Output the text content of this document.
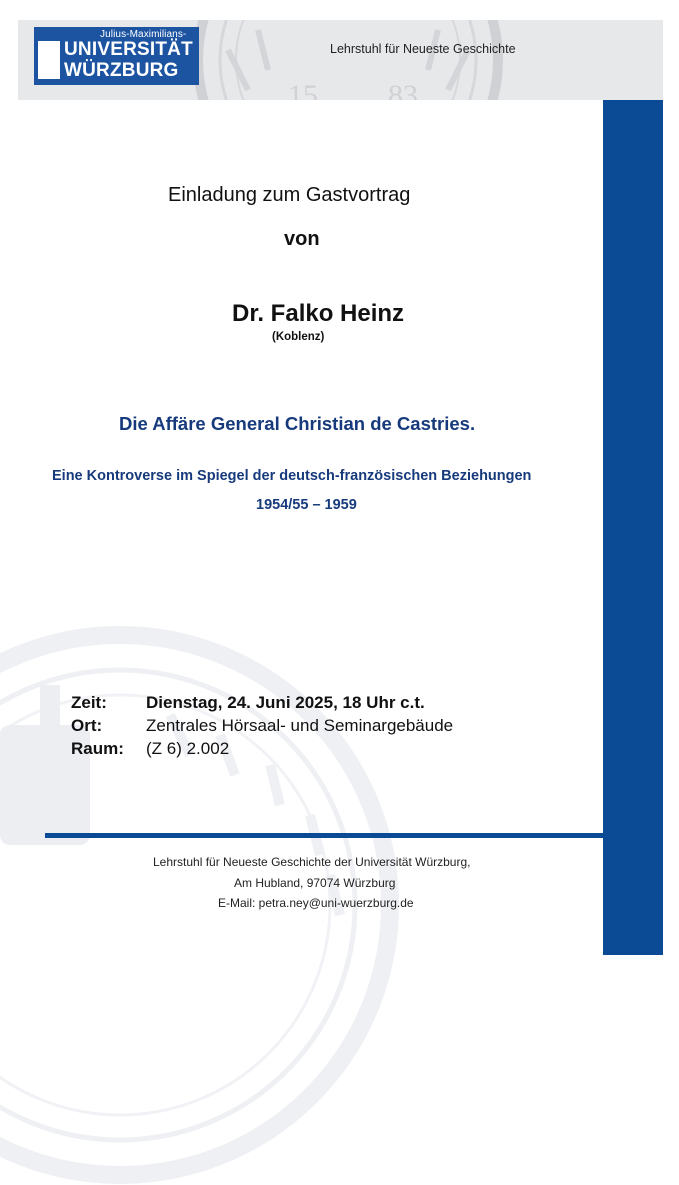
15 83
Julius-Maximilians-
UNIVERSITÄT
WÜRZBURG
Lehrstuhl für Neueste Geschichte
Einladung zum Gastvortrag
von
Dr. Falko Heinz
(Koblenz)
Die Affäre General Christian de Castries.
Eine Kontroverse im Spiegel der deutsch-französischen Beziehungen
1954/55 – 1959
Zeit: Dienstag, 24. Juni 2025, 18 Uhr c.t.
Ort:	Zentrales Hörsaal- und Seminargebäude
Raum: (Z 6) 2.002
Lehrstuhl für Neueste Geschichte der Universität Würzburg,
Am Hubland, 97074 Würzburg
E-Mail: petra.ney@uni-wuerzburg.de
